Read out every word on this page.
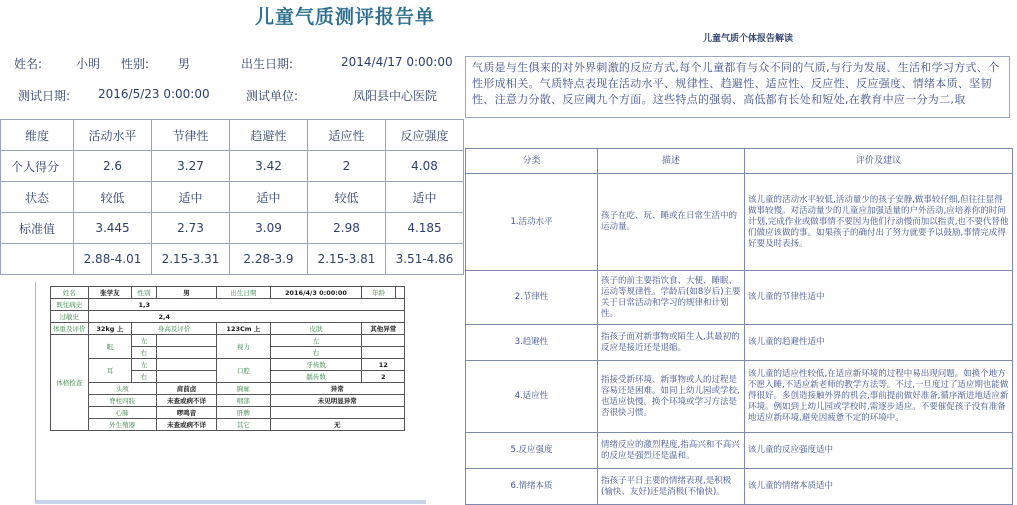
儿童气质测评报告单
姓名:	小明 性别: 男	出生日期:	2014/4/17 0:00:00
测试日期: 2016/5/23 0:00:00	测试单位:	凤阳县中心医院
维度	活动水平	节律性	趋避性	适应性	反应强度
个人得分	2.6	3.27	3.42	2	4.08
状态	较低	适中	适中	较低	适中
标准值	3.445	2.73	3.09	2.98	4.185
	2.88-4.01	2.15-3.31	2.28-3.9	2.15-3.81	3.51-4.86
儿童气质个体报告解读
气质是与生俱来的对外界刺激的反应方式,每个儿童都有与众不同的气质,与行为发展、生活和学习方式、个性形成相关。气质特点表现在活动水平、规律性、趋避性、适应性、反应性、反应强度、情绪本质、坚韧性、注意力分散、反应阈九个方面。这些特点的强弱、高低都有长处和短处,在教育中应一分为二,取
分类	描述	评价及建议
1.活动水平	孩子在吃、玩、睡或在日常生活中的运动量。	该儿童的活动水平较低,活动量少的孩子安静,做事较仔细,但往往显得做事较慢。对活动量少的儿童应加强适量的户外活动,应培养你的时间计划,完成作业或做事情不要因为他们行动慢而加以指责,也不要代替他们做应该做的事。如果孩子的确付出了努力就要予以鼓励,事情完成得好要及时表扬。
2.节律性	孩子的前主要指饮食、大便、睡眠、运动等规律性。学龄后(如8岁后)主要关于日常活动和学习的规律和计划性。	该儿童的节律性适中
3.趋避性	指孩子面对新事物或陌生人,其最初的反应是接近还是退缩。	该儿童的趋避性适中
4.适应性	指接受新环境、新事物或人的过程是容易还是困难。如同上幼儿园或学校,也适应快慢。换个环境或学习方法是否很快习惯。	该儿童的适应性较低,在适应新环境的过程中易出现问题。如换个地方不愿入睡,不适应新老师的教学方法等。不过,一旦度过了适应期也能做得很好。多创造接触外界的机会,事前提前做好准备,循序渐进地适应新环境。例如到上幼儿园或学校时,需逐步适应。不要催促孩子没有准备地适应新环境,避免因疲惫不定的环境中。
5.反应强度	情绪反应的激烈程度,指高兴和不高兴的反应是强烈还是温和。	该儿童的反应强度适中
6.情绪本质	指孩子平日主要的情绪表现,是积极(愉快、友好)还是消极(不愉快)。	该儿童的情绪本质适中
姓名	张学友	性别	男	出生日期	2016/4/3 0:00:00	年龄	
既往病史	1,3						
过敏史	2,4						
体重及评价	32kg 上	身高及评价		123Cm 上	皮肤	其他异常	
体格检查	眼	左		视力	左		
		右			右		
	耳	左		口腔	牙齿数	12	
		右			龋齿数	2	
	头颅		肩前卤	胸廓	异常		
	脊柱四肢		未查或病不详	咽部	未见明显异常		
	心肺		啰鸣音	肝脾			
	外生殖器		未查或病不详	其它	无		
